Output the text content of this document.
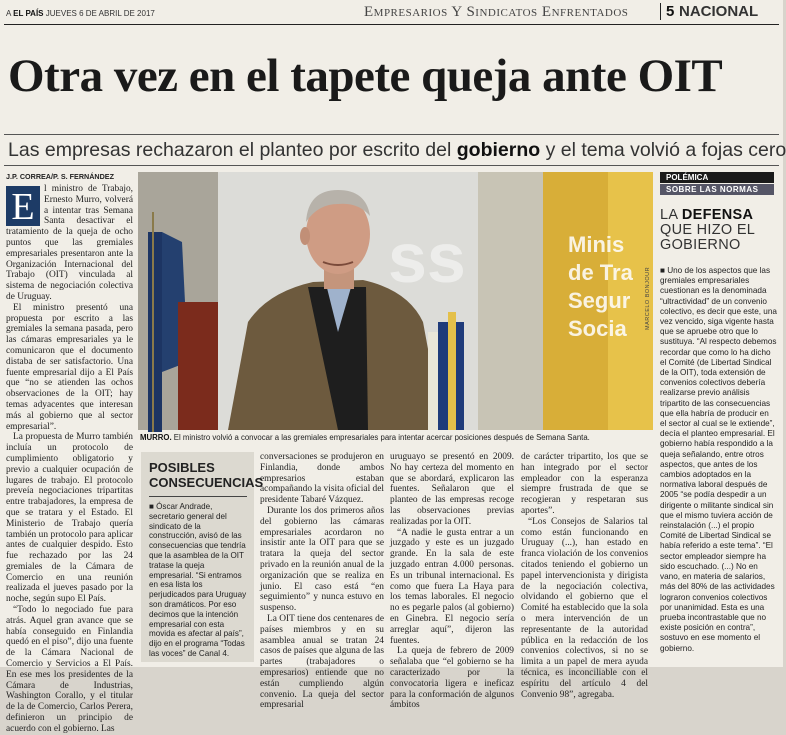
A EL PAÍS JUEVES 6 DE ABRIL DE 2017	Empresarios Y Sindicatos Enfrentados	5 NACIONAL
Otra vez en el tapete queja ante OIT
Las empresas rechazaron el planteo por escrito del gobierno y el tema volvió a fojas cero
J.P. CORREA/P. S. FERNÁNDEZ
E l ministro de Trabajo, Ernesto Murro, volverá a intentar tras Semana Santa desactivar el tratamiento de la queja de ocho puntos que las gremiales empresariales presentaron ante la Organización Internacional del Trabajo (OIT) vinculada al sistema de negociación colectiva de Uruguay.

El ministro presentó una propuesta por escrito a las gremiales la semana pasada, pero las cámaras empresariales ya le comunicaron que el documento distaba de ser satisfactorio. Una fuente empresarial dijo a El País que “no se atienden las ochos observaciones de la OIT; hay temas adyacentes que interesan más al gobierno que al sector empresarial”.

La propuesta de Murro también incluía un protocolo de cumplimiento obligatorio y previo a cualquier ocupación de lugares de trabajo. El protocolo preveía negociaciones tripartitas entre trabajadores, la empresa de que se tratara y el Estado. El Ministerio de Trabajo quería también un protocolo para aplicar antes de cualquier despido. Esto fue rechazado por las 24 gremiales de la Cámara de Comercio en una reunión realizada el jueves pasado por la noche, según supo El País.

“Todo lo negociado fue para atrás. Aquel gran avance que se había conseguido en Finlandia quedó en el piso”, dijo una fuente de la Cámara Nacional de Comercio y Servicios a El País. En ese mes los presidentes de la Cámara de Industrias, Washington Corallo, y el titular de la de Comercio, Carlos Perera, definieron un principio de acuerdo con el gobierno. Las

Minis
de Tra
Segur
Socia
ss
MARCELO BONJOUR
MURRO. El ministro volvió a convocar a las gremiales empresariales para intentar acercar posiciones después de Semana Santa.
POSIBLES CONSECUENCIAS
■ Óscar Andrade, secretario general del sindicato de la construcción, avisó de las consecuencias que tendría que la asamblea de la OIT tratase la queja empresarial. “Si entramos en esa lista los perjudicados para Uruguay son dramáticos. Por eso decimos que la intención empresarial con esta movida es afectar al país”, dijo en el programa “Todas las voces” de Canal 4.

conversaciones se produjeron en Finlandia, donde ambos empresarios estaban acompañando la visita oficial del presidente Tabaré Vázquez.

Durante los dos primeros años del gobierno las cámaras empresariales acordaron no insistir ante la OIT para que se tratara la queja del sector privado en la reunión anual de la organización que se realiza en junio. El caso está “en seguimiento” y nunca estuvo en suspenso.

La OIT tiene dos centenares de países miembros y en su asamblea anual se tratan 24 casos de países que alguna de las partes (trabajadores o empresarios) entiende que no están cumpliendo algún convenio. La queja del sector empresarial

uruguayo se presentó en 2009. No hay certeza del momento en que se abordará, explicaron las fuentes. Señalaron que el planteo de las empresas recoge las observaciones previas realizadas por la OIT.

“A nadie le gusta entrar a un juzgado y este es un juzgado grande. En la sala de este juzgado entran 4.000 personas. Es un tribunal internacional. Es como que fuera La Haya para los temas laborales. El negocio no es pegarle palos (al gobierno) en Ginebra. El negocio sería arreglar aquí”, dijeron las fuentes.

La queja de febrero de 2009 señalaba que “el gobierno se ha caracterizado por la convocatoria ligera e ineficaz para la conformación de algunos ámbitos

de carácter tripartito, los que se han integrado por el sector empleador con la esperanza siempre frustrada de que se recogieran y respetaran sus aportes”.

“Los Consejos de Salarios tal como están funcionando en Uruguay (...), han estado en franca violación de los convenios citados teniendo el gobierno un papel intervencionista y dirigista de la negociación colectiva, olvidando el gobierno que el Comité ha establecido que la sola o mera intervención de un representante de la autoridad pública en la redacción de los convenios colectivos, si no se limita a un papel de mera ayuda técnica, es inconciliable con el espíritu del artículo 4 del Convenio 98”, agregaba.

POLÉMICA
SOBRE LAS NORMAS
LA DEFENSA QUE HIZO EL GOBIERNO
■ Uno de los aspectos que las gremiales empresariales cuestionan es la denominada “ultractividad” de un convenio colectivo, es decir que este, una vez vencido, siga vigente hasta que se apruebe otro que lo sustituya. “Al respecto debemos recordar que como lo ha dicho el Comité (de Libertad Sindical de la OIT), toda extensión de convenios colectivos debería realizarse previo análisis tripartito de las consecuencias que ella habría de producir en el sector al cual se le extiende”, decía el planteo empresarial. El gobierno había respondido a la queja señalando, entre otros aspectos, que antes de los cambios adoptados en la normativa laboral después de 2005 “se podía despedir a un dirigente o militante sindical sin que el mismo tuviera acción de reinstalación (...) el propio Comité de Libertad Sindical se había referido a este tema”. “El sector empleador siempre ha sido escuchado. (...) No en vano, en materia de salarios, más del 80% de las actividades lograron convenios colectivos por unanimidad. Esta es una prueba incontrastable que no existe posición en contra”, sostuvo en ese momento el gobierno.
